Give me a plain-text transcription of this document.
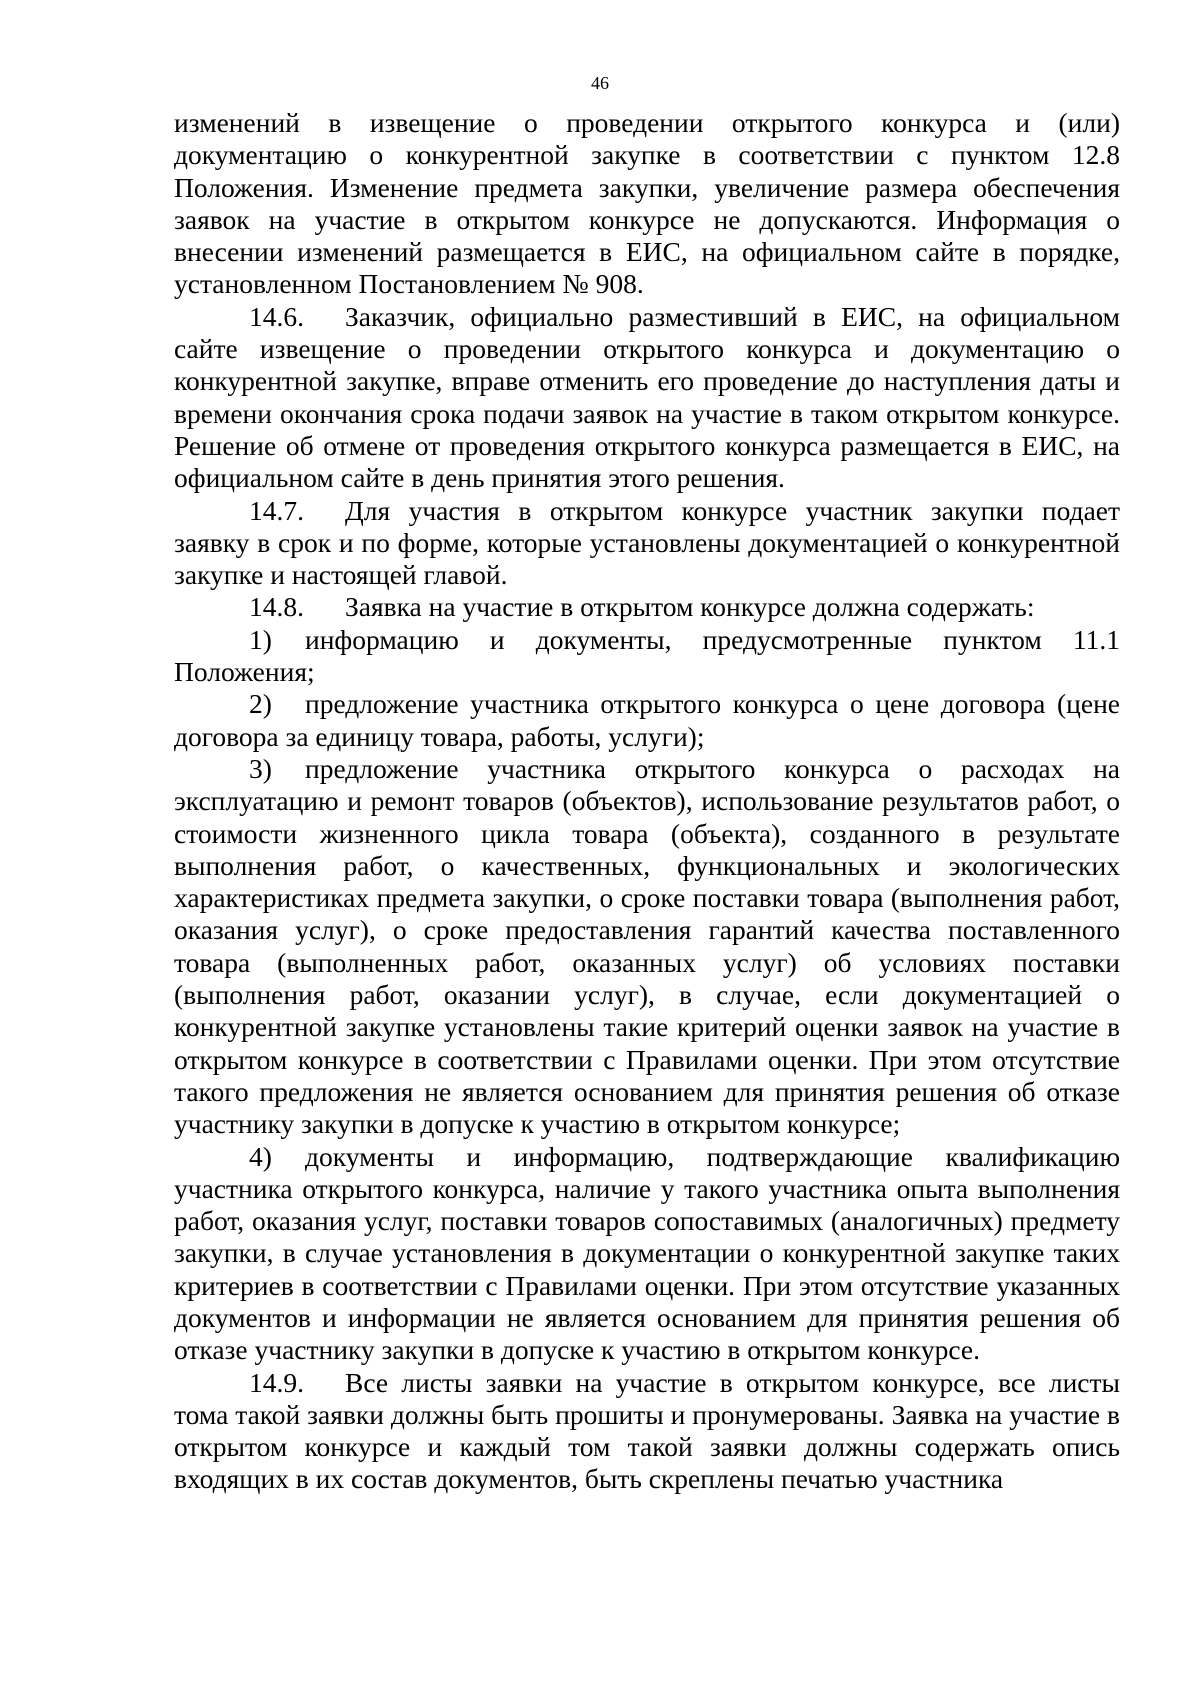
46

изменений в извещение о проведении открытого конкурса и (или) документацию о конкурентной закупке в соответствии с пунктом 12.8 Положения. Изменение предмета закупки, увеличение размера обеспечения заявок на участие в открытом конкурсе не допускаются. Информация о внесении изменений размещается в ЕИС, на официальном сайте в порядке, установленном Постановлением № 908.

14.6. Заказчик, официально разместивший в ЕИС, на официальном сайте извещение о проведении открытого конкурса и документацию о конкурентной закупке, вправе отменить его проведение до наступления даты и времени окончания срока подачи заявок на участие в таком открытом конкурсе. Решение об отмене от проведения открытого конкурса размещается в ЕИС, на официальном сайте в день принятия этого решения.

14.7. Для участия в открытом конкурсе участник закупки подает заявку в срок и по форме, которые установлены документацией о конкурентной закупке и настоящей главой.

14.8. Заявка на участие в открытом конкурсе должна содержать:

1) информацию и документы, предусмотренные пунктом 11.1 Положения;

2) предложение участника открытого конкурса о цене договора (цене договора за единицу товара, работы, услуги);

3) предложение участника открытого конкурса о расходах на эксплуатацию и ремонт товаров (объектов), использование результатов работ, о стоимости жизненного цикла товара (объекта), созданного в результате выполнения работ, о качественных, функциональных и экологических характеристиках предмета закупки, о сроке поставки товара (выполнения работ, оказания услуг), о сроке предоставления гарантий качества поставленного товара (выполненных работ, оказанных услуг) об условиях поставки (выполнения работ, оказании услуг), в случае, если документацией о конкурентной закупке установлены такие критерий оценки заявок на участие в открытом конкурсе в соответствии с Правилами оценки. При этом отсутствие такого предложения не является основанием для принятия решения об отказе участнику закупки в допуске к участию в открытом конкурсе;

4) документы и информацию, подтверждающие квалификацию участника открытого конкурса, наличие у такого участника опыта выполнения работ, оказания услуг, поставки товаров сопоставимых (аналогичных) предмету закупки, в случае установления в документации о конкурентной закупке таких критериев в соответствии с Правилами оценки. При этом отсутствие указанных документов и информации не является основанием для принятия решения об отказе участнику закупки в допуске к участию в открытом конкурсе.

14.9. Все листы заявки на участие в открытом конкурсе, все листы тома такой заявки должны быть прошиты и пронумерованы. Заявка на участие в открытом конкурсе и каждый том такой заявки должны содержать опись входящих в их состав документов, быть скреплены печатью участника
